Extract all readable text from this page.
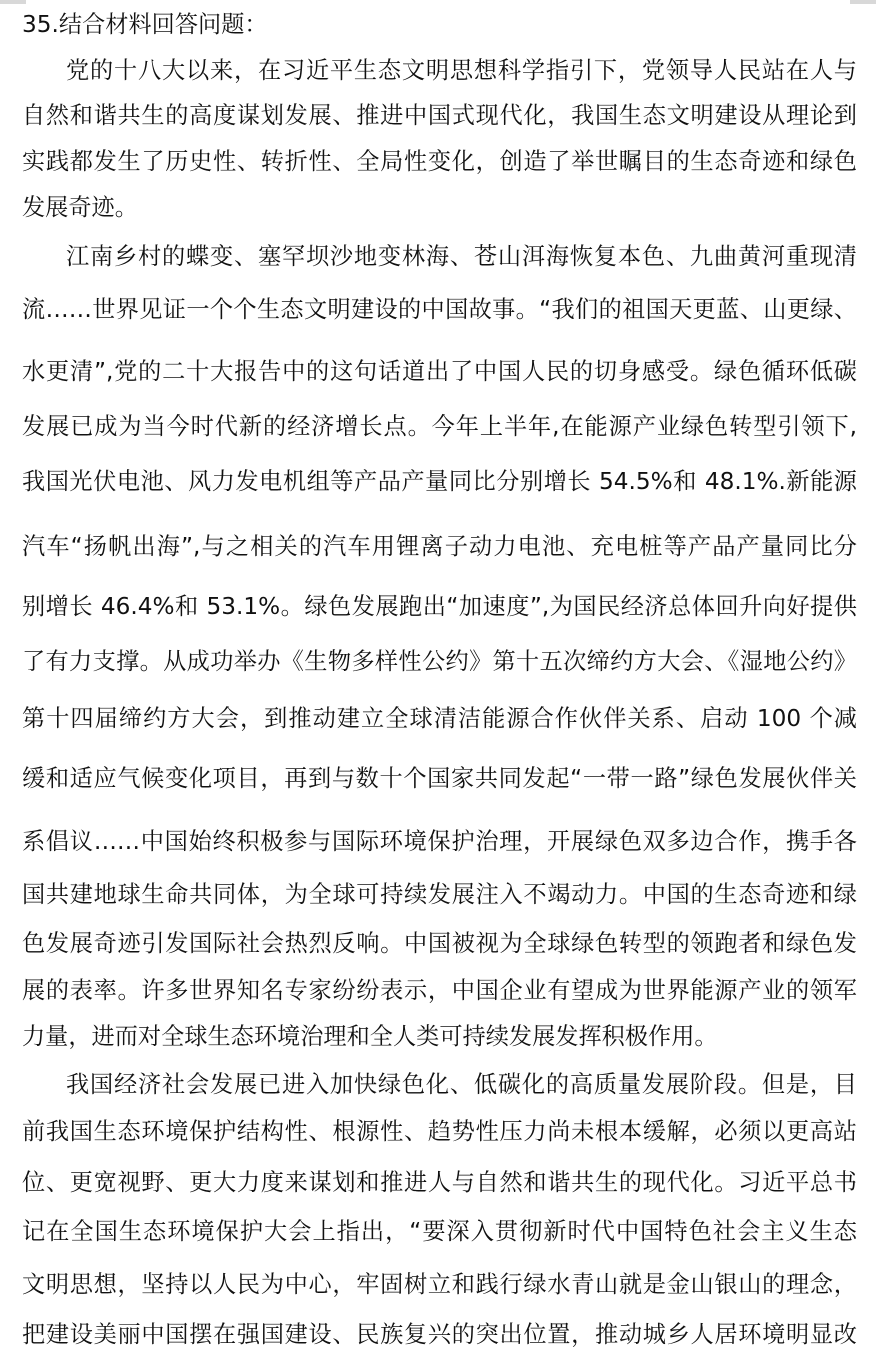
35.结合材料回答问题：
党的十八大以来，在习近平生态文明思想科学指引下，党领导人民站在人与
自然和谐共生的高度谋划发展、推进中国式现代化，我国生态文明建设从理论到
实践都发生了历史性、转折性、全局性变化，创造了举世瞩目的生态奇迹和绿色
发展奇迹。
江南乡村的蝶变、塞罕坝沙地变林海、苍山洱海恢复本色、九曲黄河重现清
流……世界见证一个个生态文明建设的中国故事。“我们的祖国天更蓝、山更绿、
水更清”,党的二十大报告中的这句话道出了中国人民的切身感受。绿色循环低碳
发展已成为当今时代新的经济增长点。今年上半年,在能源产业绿色转型引领下,
我国光伏电池、风力发电机组等产品产量同比分别增长 54.5%和 48.1%.新能源
汽车“扬帆出海”,与之相关的汽车用锂离子动力电池、充电桩等产品产量同比分
别增长 46.4%和 53.1%。绿色发展跑出“加速度”,为国民经济总体回升向好提供
了有力支撑。从成功举办《生物多样性公约》第十五次缔约方大会、《湿地公约》
第十四届缔约方大会，到推动建立全球清洁能源合作伙伴关系、启动 100 个减
缓和适应气候变化项目，再到与数十个国家共同发起“一带一路”绿色发展伙伴关
系倡议……中国始终积极参与国际环境保护治理，开展绿色双多边合作，携手各
国共建地球生命共同体，为全球可持续发展注入不竭动力。中国的生态奇迹和绿
色发展奇迹引发国际社会热烈反响。中国被视为全球绿色转型的领跑者和绿色发
展的表率。许多世界知名专家纷纷表示，中国企业有望成为世界能源产业的领军
力量，进而对全球生态环境治理和全人类可持续发展发挥积极作用。
我国经济社会发展已进入加快绿色化、低碳化的高质量发展阶段。但是，目
前我国生态环境保护结构性、根源性、趋势性压力尚未根本缓解，必须以更高站
位、更宽视野、更大力度来谋划和推进人与自然和谐共生的现代化。习近平总书
记在全国生态环境保护大会上指出，“要深入贯彻新时代中国特色社会主义生态
文明思想，坚持以人民为中心，牢固树立和践行绿水青山就是金山银山的理念，
把建设美丽中国摆在强国建设、民族复兴的突出位置，推动城乡人居环境明显改
